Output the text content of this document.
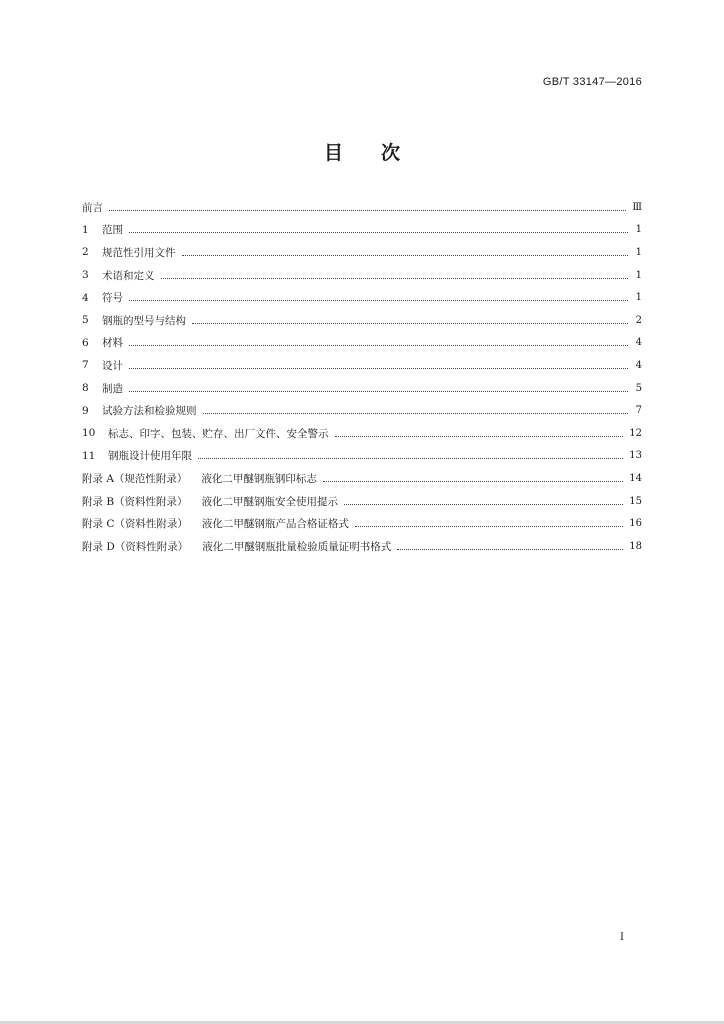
GB/T 33147—2016
目 次
前言	Ⅲ
1	范围	1
2	规范性引用文件	1
3	术语和定义	1
4	符号	1
5	钢瓶的型号与结构	2
6	材料	4
7	设计	4
8	制造	5
9	试验方法和检验规则	7
10	标志、印字、包装、贮存、出厂文件、安全警示	12
11	钢瓶设计使用年限	13
附录 A（规范性附录） 液化二甲醚钢瓶钢印标志	14
附录 B（资料性附录） 液化二甲醚钢瓶安全使用提示	15
附录 C（资料性附录） 液化二甲醚钢瓶产品合格证格式	16
附录 D（资料性附录） 液化二甲醚钢瓶批量检验质量证明书格式	18
Ⅰ
